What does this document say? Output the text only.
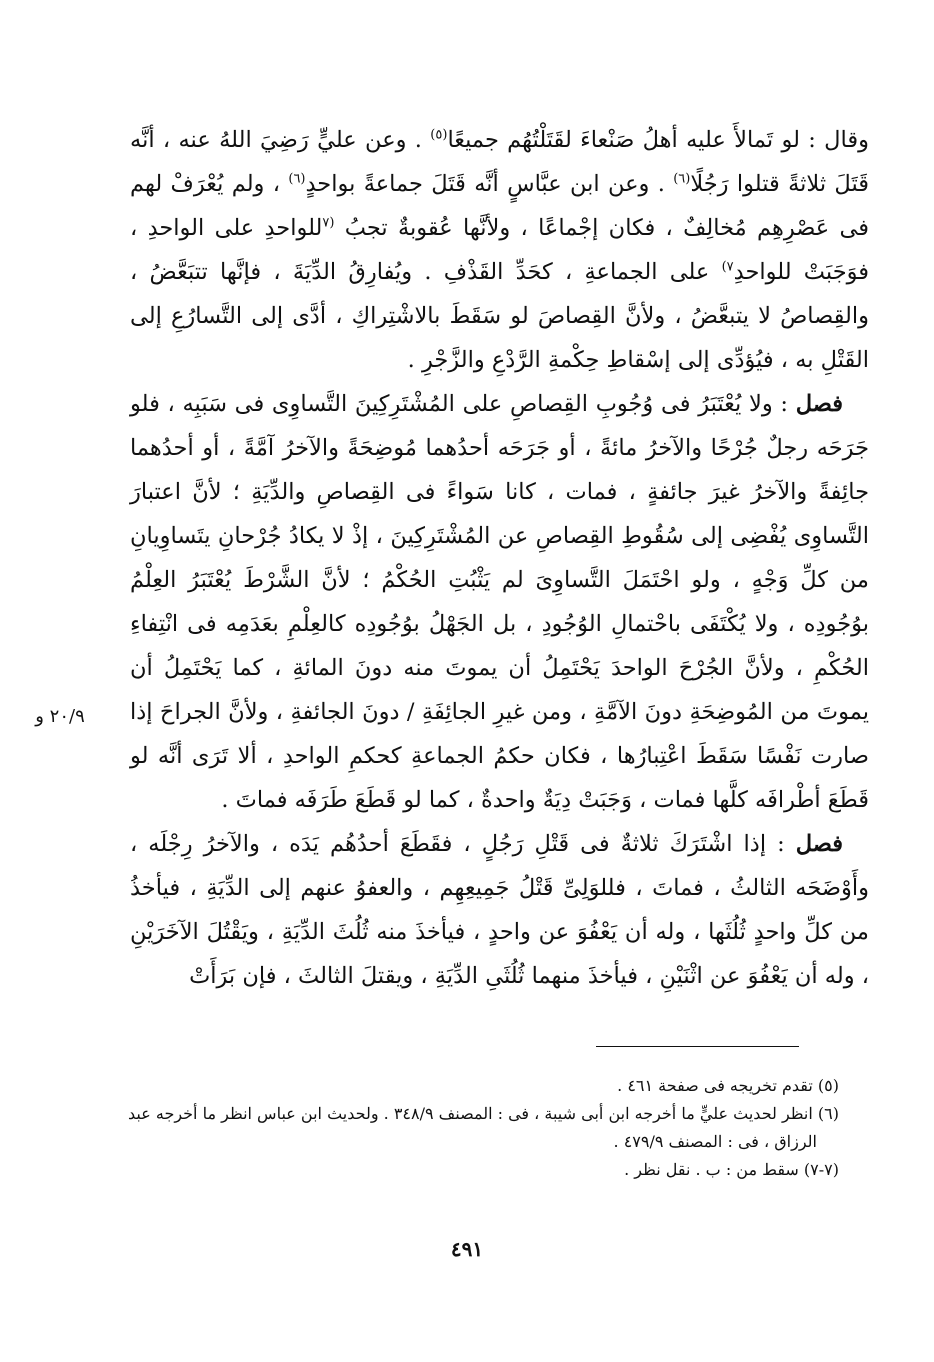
وقال : لو تَمالأَ عليه أهلُ صَنْعاءَ لقَتَلْتُهُم جميعًا$^{(٥)}$ . وعن عليٍّ رَضِيَ اللهُ عنه ، أنَّه قَتَلَ ثلاثةً قتلوا رَجُلًا$^{(٦)}$ . وعن ابن عبَّاسٍ أنَّه قَتَلَ جماعةً بواحدٍ$^{(٦)}$ ، ولم يُعْرَفْ لهم فى عَصْرِهِم مُخالِفٌ ، فكان إجْماعًا ، ولأنَّها عُقوبةٌ تجبُ $^{(٧}$للواحدِ على الواحدِ ، فوَجَبَتْ للواحدِ$^{٧)}$ على الجماعةِ ، كحَدِّ القَذْفِ . ويُفارِقُ الدِّيَةَ ، فإنَّها تتبَعَّضُ ، والقِصاصُ لا يتبعَّضُ ، ولأنَّ القِصاصَ لو سَقَطَ بالاشْتِراكِ ، أدَّى إلى التَّسارُعِ إلى القَتْلِ به ، فيُؤدِّى إلى إسْقاطِ حِكْمةِ الرَّدْعِ والزَّجْرِ .

فصل : ولا يُعْتَبَرُ فى وُجُوبِ القِصاصِ على المُشْتَرِكِينَ التَّساوِى فى سَبَبِه ، فلو جَرَحَه رجلٌ جُرْحًا والآخرُ مائةً ، أو جَرَحَه أحدُهما مُوضِحَةً والآخرُ آمَّةً ، أو أحدُهما جائِفةً والآخرُ غيرَ جائفةٍ ، فمات ، كانا سَواءً فى القِصاصِ والدِّيَةِ ؛ لأنَّ اعتبارَ التَّساوِى يُفْضِى إلى سُقُوطِ القِصاصِ عن المُشْتَرِكِينَ ، إذْ لا يكادُ جُرْحانِ يتَساوِيانِ من كلِّ وَجْهٍ ، ولو احْتَمَلَ التَّساوِىَ لم يَثْبُتِ الحُكْمُ ؛ لأنَّ الشَّرْطَ يُعْتَبَرُ العِلْمُ بوُجُودِه ، ولا يُكْتَفَى باحْتمالِ الوُجُودِ ، بل الجَهْلُ بوُجُودِه كالعِلْمِ بعَدَمِه فى انْتِفاءِ الحُكْمِ ، ولأنَّ الجُرْحَ الواحدَ يَحْتَمِلُ أن يموتَ منه دونَ المائةِ ، كما يَحْتَمِلُ أن يموتَ من المُوضِحَةِ دونَ الآمَّةِ ، ومن غيرِ الجائِفَةِ / دونَ الجائفةِ ، ولأنَّ الجراحَ إذا صارت نَفْسًا سَقَطَ اعْتِبارُها ، فكان حكمُ الجماعةِ كحكمِ الواحدِ ، ألا تَرَى أنَّه لو قَطَعَ أطْرافَه كلَّها فمات ، وَجَبَتْ دِيَةٌ واحدةٌ ، كما لو قَطَعَ طَرَفَه فماتَ .

فصل : إذا اشْتَرَكَ ثلاثةٌ فى قَتْلِ رَجُلٍ ، فقَطَعَ أحدُهُم يَدَه ، والآخرُ رِجْلَه ، وأَوْضَحَه الثالثُ ، فماتَ ، فللوَلِىِّ قَتْلُ جَمِيعِهِم ، والعفوُ عنهم إلى الدِّيَةِ ، فيأخذُ من كلِّ واحدٍ ثُلُثَها ، وله أن يَعْفُوَ عن واحدٍ ، فيأخذَ منه ثُلُثَ الدِّيَةِ ، ويَقْتُلَ الآخَرَيْنِ ، وله أن يَعْفُوَ عن اثْنَيْنِ ، فيأخذَ منهما ثُلُثَىِ الدِّيَةِ ، ويقتلَ الثالثَ ، فإن بَرَأَتْ

٢٠/٩ و

(٥) تقدم تخريجه فى صفحة ٤٦١ .

(٦) انظر لحديث عليٍّ ما أخرجه ابن أبى شيبة ، فى : المصنف ٣٤٨/٩ . ولحديث ابن عباس انظر ما أخرجه عبد

الرزاق ، فى : المصنف ٤٧٩/٩ .

(٧-٧) سقط من : ب . نقل نظر .

٤٩١
